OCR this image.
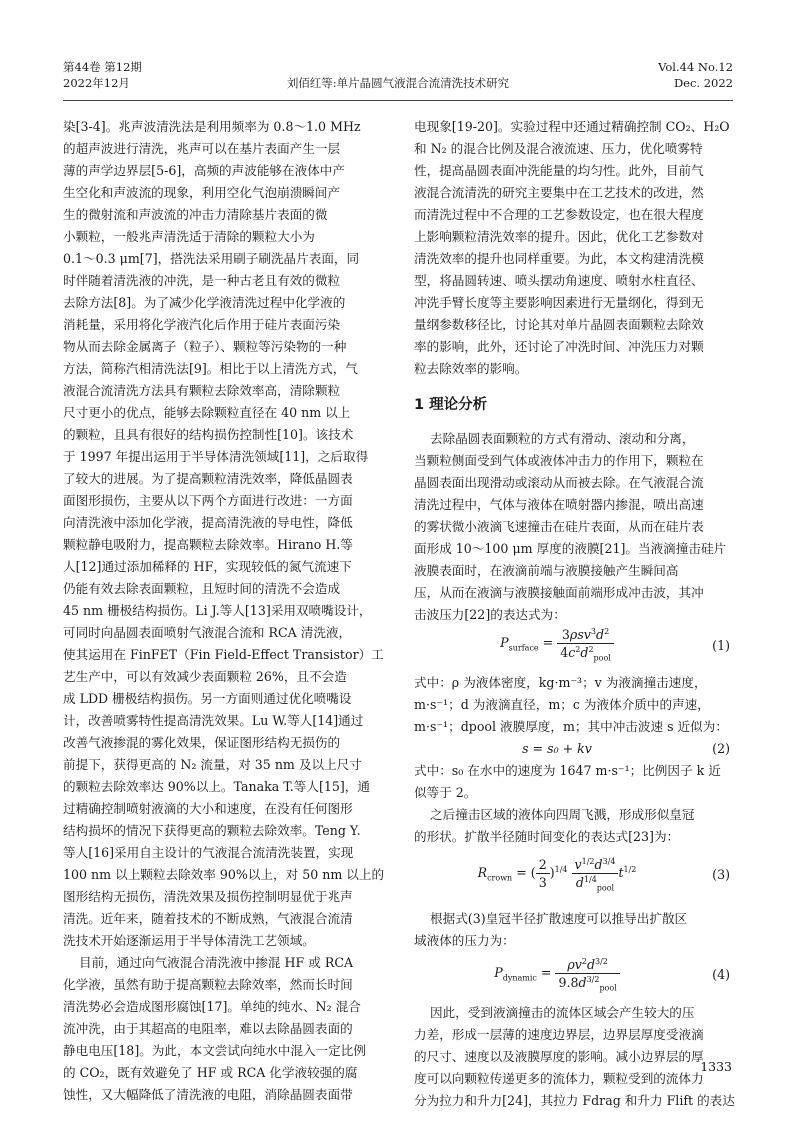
第44卷 第12期
2022年12月	刘佰红等:单片晶圆气液混合流清洗技术研究
Vol.44 No.12
Dec. 2022
染[3-4]。兆声波清洗法是利用频率为 0.8～1.0 MHz
的超声波进行清洗，兆声可以在基片表面产生一层
薄的声学边界层[5-6]，高频的声波能够在液体中产
生空化和声波流的现象，利用空化气泡崩溃瞬间产
生的微射流和声波流的冲击力清除基片表面的微
小颗粒，一般兆声清洗适于清除的颗粒大小为
0.1～0.3 μm[7]，搭洗法采用刷子刷洗晶片表面，同
时伴随着清洗液的冲洗，是一种古老且有效的微粒
去除方法[8]。为了减少化学液清洗过程中化学液的
消耗量，采用将化学液汽化后作用于硅片表面污染
物从而去除金属离子（粒子）、颗粒等污染物的一种
方法，简称汽相清洗法[9]。相比于以上清洗方式，气
液混合流清洗方法具有颗粒去除效率高，清除颗粒
尺寸更小的优点，能够去除颗粒直径在 40 nm 以上
的颗粒，且具有很好的结构损伤控制性[10]。该技术
于 1997 年提出运用于半导体清洗领域[11]，之后取得
了较大的进展。为了提高颗粒清洗效率，降低晶圆表
面图形损伤，主要从以下两个方面进行改进：一方面
向清洗液中添加化学液，提高清洗液的导电性，降低
颗粒静电吸附力，提高颗粒去除效率。Hirano H.等
人[12]通过添加稀释的 HF，实现较低的氮气流速下
仍能有效去除表面颗粒，且短时间的清洗不会造成
45 nm 栅极结构损伤。Li J.等人[13]采用双喷嘴设计，
可同时向晶圆表面喷射气液混合流和 RCA 清洗液，
使其运用在 FinFET（Fin Field-Effect Transistor）工
艺生产中，可以有效减少表面颗粒 26%，且不会造
成 LDD 栅极结构损伤。另一方面则通过优化喷嘴设
计，改善喷雾特性提高清洗效果。Lu W.等人[14]通过
改善气液掺混的雾化效果，保证图形结构无损伤的
前提下，获得更高的 N₂ 流量，对 35 nm 及以上尺寸
的颗粒去除效率达 90%以上。Tanaka T.等人[15]，通
过精确控制喷射液滴的大小和速度，在没有任何图形
结构损坏的情况下获得更高的颗粒去除效率。Teng Y.
等人[16]采用自主设计的气液混合流清洗装置，实现
100 nm 以上颗粒去除效率 90%以上，对 50 nm 以上的
图形结构无损伤，清洗效果及损伤控制明显优于兆声
清洗。近年来，随着技术的不断成熟，气液混合流清
洗技术开始逐渐运用于半导体清洗工艺领域。
目前，通过向气液混合清洗液中掺混 HF 或 RCA
化学液，虽然有助于提高颗粒去除效率，然而长时间
清洗势必会造成图形腐蚀[17]。单纯的纯水、N₂ 混合
流冲洗，由于其超高的电阻率，难以去除晶圆表面的
静电电压[18]。为此，本文尝试向纯水中混入一定比例
的 CO₂，既有效避免了 HF 或 RCA 化学液较强的腐
蚀性，又大幅降低了清洗液的电阻，消除晶圆表面带
电现象[19-20]。实验过程中还通过精确控制 CO₂、H₂O
和 N₂ 的混合比例及混合液流速、压力，优化喷雾特
性，提高晶圆表面冲洗能量的均匀性。此外，目前气
液混合流清洗的研究主要集中在工艺技术的改进，然
而清洗过程中不合理的工艺参数设定，也在很大程度
上影响颗粒清洗效率的提升。因此，优化工艺参数对
清洗效率的提升也同样重要。为此，本文构建清洗模
型，将晶圆转速、喷头摆动角速度、喷射水柱直径、
冲洗手臂长度等主要影响因素进行无量纲化，得到无
量纲参数移径比，讨论其对单片晶圆表面颗粒去除效
率的影响，此外，还讨论了冲洗时间、冲洗压力对颗
粒去除效率的影响。
1 理论分析
去除晶圆表面颗粒的方式有滑动、滚动和分离，
当颗粒侧面受到气体或液体冲击力的作用下，颗粒在
晶圆表面出现滑动或滚动从而被去除。在气液混合流
清洗过程中，气体与液体在喷射器内掺混，喷出高速
的雾状微小液滴飞速撞击在硅片表面，从而在硅片表
面形成 10～100 μm 厚度的液膜[21]。当液滴撞击硅片
液膜表面时，在液滴前端与液膜接触产生瞬间高
压，从而在液滴与液膜接触面前端形成冲击波，其冲
击波压力[22]的表达式为：
$P_{surface} = \frac{3\rho sv^3d^2}{4c^2d^2_{pool}}$	(1)
式中：ρ 为液体密度，kg·m⁻³；v 为液滴撞击速度，
m·s⁻¹；d 为液滴直径，m；c 为液体介质中的声速，
m·s⁻¹；dpool 液膜厚度，m；其中冲击波速 s 近似为：
s = s₀ + kv	(2)
式中：s₀ 在水中的速度为 1647 m·s⁻¹；比例因子 k 近
似等于 2。
之后撞击区域的液体向四周飞溅，形成形似皇冠
的形状。扩散半径随时间变化的表达式[23]为：
$R_{crown}$ = ( $\frac{2}{3} )^{1/4} \frac{v^{1/2}d^{3/4}}{d^{1/4}_{pool}} t^{1/2}$	(3)
根据式(3)皇冠半径扩散速度可以推导出扩散区
域液体的压力为：
$P_{dynamic} = \frac{\rho v^2d^{3/2}}{9.8d^{3/2}_{pool}}$	(4)
因此，受到液滴撞击的流体区域会产生较大的压
力差，形成一层薄的速度边界层，边界层厚度受液滴
的尺寸、速度以及液膜厚度的影响。减小边界层的厚
度可以向颗粒传递更多的流体力，颗粒受到的流体力
分为拉力和升力[24]，其拉力 Fdrag 和升力 Flift 的表达
1333
